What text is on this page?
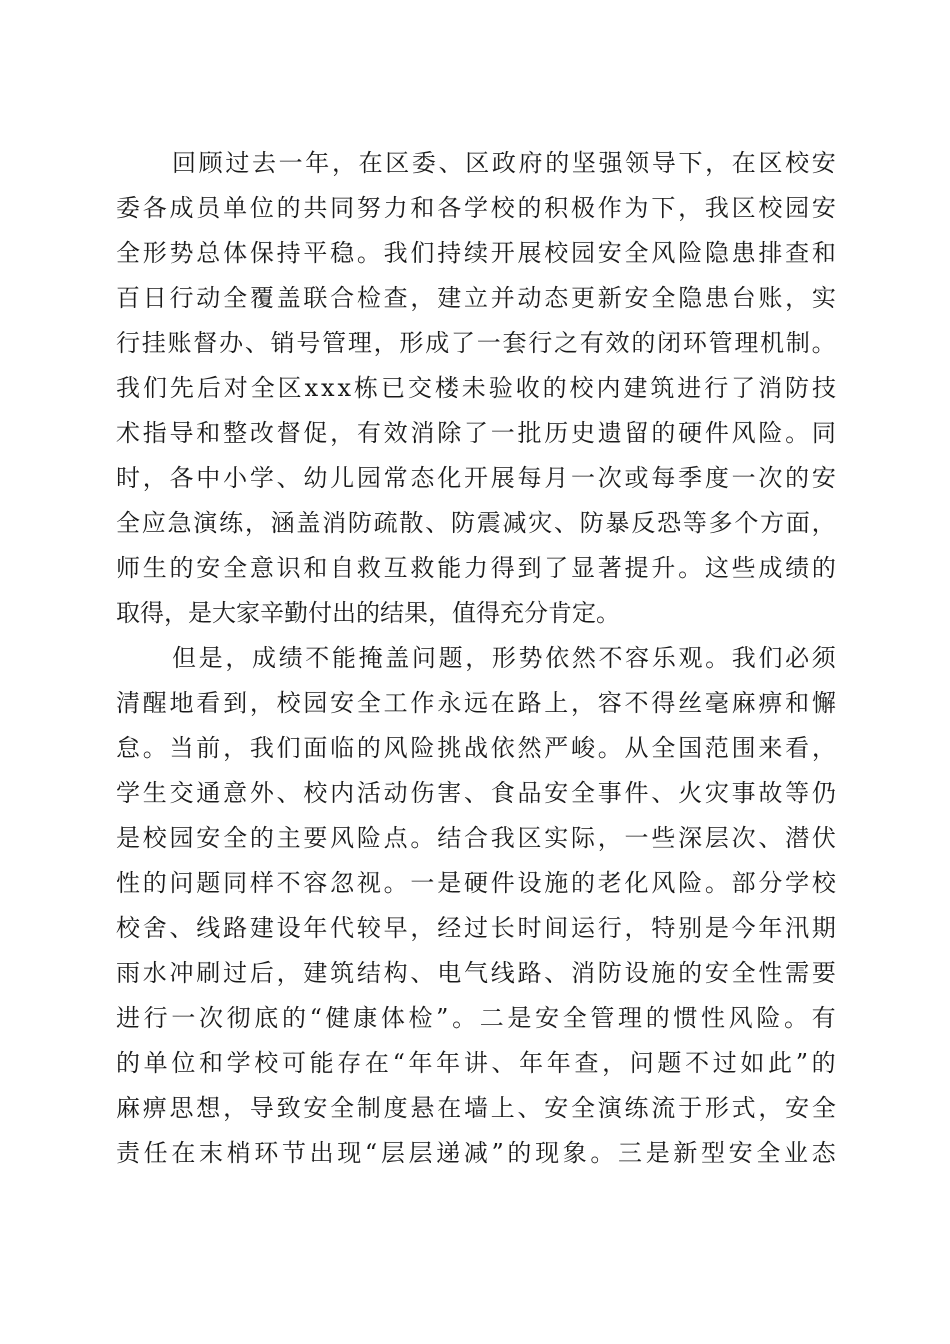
回 顾 过 去 一 年 ， 在 区 委 、 区 政 府 的 坚 强 领 导 下 ， 在 区 校 安
委 各 成 员 单 位 的 共 同 努 力 和 各 学 校 的 积 极 作 为 下 ， 我 区 校 园 安
全 形 势 总 体 保 持 平 稳 。 我 们 持 续 开 展 校 园 安 全 风 险 隐 患 排 查 和
百 日 行 动 全 覆 盖 联 合 检 查 ， 建 立 并 动 态 更 新 安 全 隐 患 台 账 ， 实
行 挂 账 督 办 、 销 号 管 理 ， 形 成 了 一 套 行 之 有 效 的 闭 环 管 理 机 制 。
我 们 先 后 对 全 区 x x x 栋 已 交 楼 未 验 收 的 校 内 建 筑 进 行 了 消 防 技
术 指 导 和 整 改 督 促 ， 有 效 消 除 了 一 批 历 史 遗 留 的 硬 件 风 险 。 同
时 ， 各 中 小 学 、 幼 儿 园 常 态 化 开 展 每 月 一 次 或 每 季 度 一 次 的 安
全 应 急 演 练 ， 涵 盖 消 防 疏 散 、 防 震 减 灾 、 防 暴 反 恐 等 多 个 方 面 ，
师 生 的 安 全 意 识 和 自 救 互 救 能 力 得 到 了 显 著 提 升 。 这 些 成 绩 的
取得，是大家辛勤付出的结果，值得充分肯定。
但 是 ， 成 绩 不 能 掩 盖 问 题 ， 形 势 依 然 不 容 乐 观 。 我 们 必 须
清 醒 地 看 到 ， 校 园 安 全 工 作 永 远 在 路 上 ， 容 不 得 丝 毫 麻 痹 和 懈
怠 。 当 前 ， 我 们 面 临 的 风 险 挑 战 依 然 严 峻 。 从 全 国 范 围 来 看 ，
学 生 交 通 意 外 、 校 内 活 动 伤 害 、 食 品 安 全 事 件 、 火 灾 事 故 等 仍
是 校 园 安 全 的 主 要 风 险 点 。 结 合 我 区 实 际 ， 一 些 深 层 次 、 潜 伏
性 的 问 题 同 样 不 容 忽 视 。 一 是 硬 件 设 施 的 老 化 风 险 。 部 分 学 校
校 舍 、 线 路 建 设 年 代 较 早 ， 经 过 长 时 间 运 行 ， 特 别 是 今 年 汛 期
雨 水 冲 刷 过 后 ， 建 筑 结 构 、 电 气 线 路 、 消 防 设 施 的 安 全 性 需 要
进 行 一 次 彻 底 的 “ 健 康 体 检 ” 。 二 是 安 全 管 理 的 惯 性 风 险 。 有
的 单 位 和 学 校 可 能 存 在 “ 年 年 讲 、 年 年 查 ， 问 题 不 过 如 此 ” 的
麻 痹 思 想 ， 导 致 安 全 制 度 悬 在 墙 上 、 安 全 演 练 流 于 形 式 ， 安 全
责 任 在 末 梢 环 节 出 现 “ 层 层 递 减 ” 的 现 象 。 三 是 新 型 安 全 业 态
